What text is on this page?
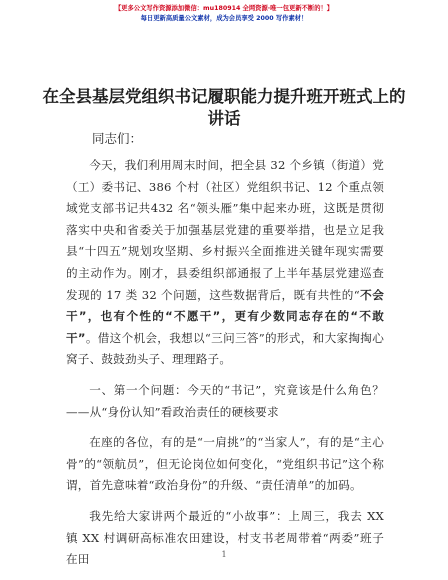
【更多公文写作资源添加微信：mu180914 全网资源·唯一包更新不断的！】
每日更新高质量公文素材，成为会员享受 2000 写作素材！
在全县基层党组织书记履职能力提升班开班式上的讲话
同志们：

今天，我们利用周末时间，把全县 32 个乡镇（街道）党（工）委书记、386 个村（社区）党组织书记、12 个重点领域党支部书记共432 名“领头雁”集中起来办班，这既是贯彻落实中央和省委关于加强基层党建的重要举措，也是立足我县“十四五”规划攻坚期、乡村振兴全面推进关键年现实需要的主动作为。刚才，县委组织部通报了上半年基层党建巡查发现的 17 类 32 个问题，这些数据背后，既有共性的“不会干”，也有个性的“不愿干”，更有少数同志存在的“不敢干”。借这个机会，我想以“三问三答”的形式，和大家掏掏心窝子、鼓鼓劲头子、理理路子。

一、第一个问题：今天的“书记”，究竟该是什么角色？——从“身份认知”看政治责任的硬核要求

在座的各位，有的是“一肩挑”的“当家人”，有的是“主心骨”的“领航员”，但无论岗位如何变化，“党组织书记”这个称谓，首先意味着“政治身份”的升级、“责任清单”的加码。

我先给大家讲两个最近的“小故事”：上周三，我去 XX 镇 XX 村调研高标准农田建设，村支书老周带着“两委”班子在田	1
